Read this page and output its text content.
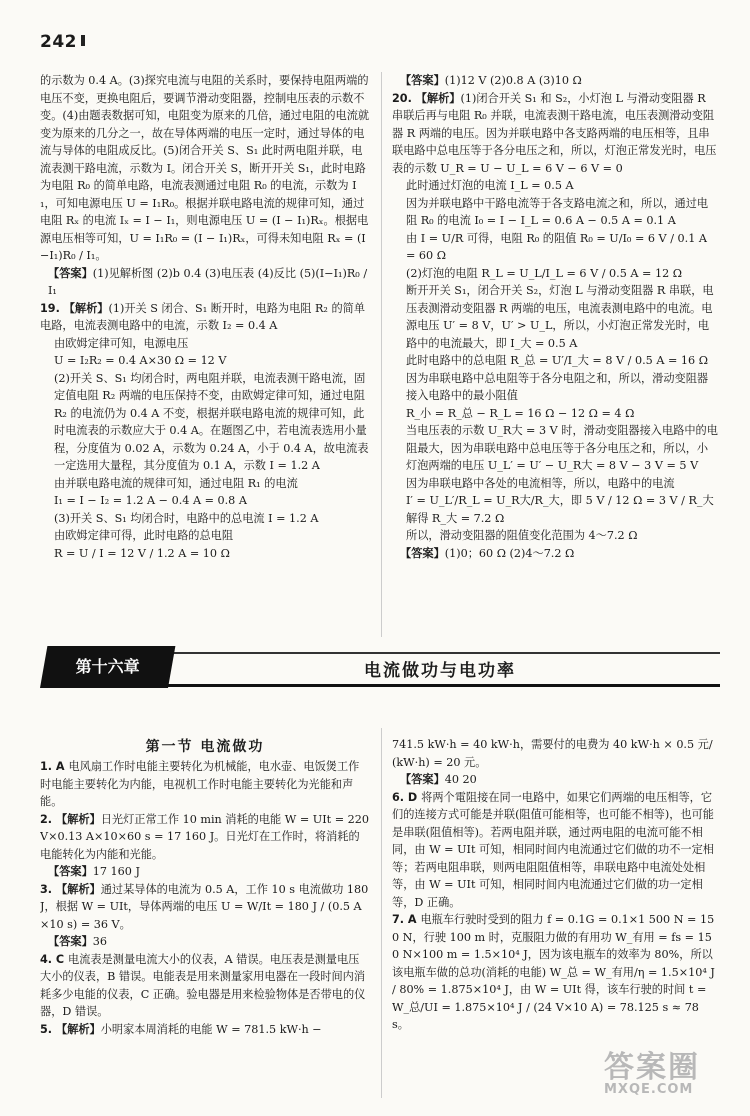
242

的示数为 0.4 A。(3)探究电流与电阻的关系时，要保持电阻两端的电压不变，更换电阻后，要调节滑动变阻器，控制电压表的示数不变。(4)由题表数据可知，电阻变为原来的几倍，通过电阻的电流就变为原来的几分之一，故在导体两端的电压一定时，通过导体的电流与导体的电阻成反比。(5)闭合开关 S、S₁ 此时两电阻并联，电流表测干路电流，示数为 I。闭合开关 S，断开开关 S₁，此时电路为电阻 R₀ 的简单电路，电流表测通过电阻 R₀ 的电流，示数为 I₁，可知电源电压 U = I₁R₀。根据并联电路电流的规律可知，通过电阻 Rₓ 的电流 Iₓ = I − I₁，则电源电压 U = (I − I₁)Rₓ。根据电源电压相等可知，U = I₁R₀ = (I − I₁)Rₓ，可得未知电阻 Rₓ = (I−I₁)R₀ / I₁。

【答案】(1)见解析图 (2)b 0.4 (3)电压表 (4)反比 (5)(I−I₁)R₀ / I₁

19. 【解析】(1)开关 S 闭合、S₁ 断开时，电路为电阻 R₂ 的简单电路，电流表测电路中的电流，示数 I₂ = 0.4 A

由欧姆定律可知，电源电压

U = I₂R₂ = 0.4 A×30 Ω = 12 V

(2)开关 S、S₁ 均闭合时，两电阻并联，电流表测干路电流，固定值电阻 R₂ 两端的电压保持不变，由欧姆定律可知，通过电阻 R₂ 的电流仍为 0.4 A 不变，根据并联电路电流的规律可知，此时电流表的示数应大于 0.4 A。在题图乙中，若电流表选用小量程，分度值为 0.02 A，示数为 0.24 A，小于 0.4 A，故电流表一定选用大量程，其分度值为 0.1 A，示数 I = 1.2 A

由并联电路电流的规律可知，通过电阻 R₁ 的电流

I₁ = I − I₂ = 1.2 A − 0.4 A = 0.8 A

(3)开关 S、S₁ 均闭合时，电路中的总电流 I = 1.2 A

由欧姆定律可得，此时电路的总电阻

R = U / I = 12 V / 1.2 A = 10 Ω

【答案】(1)12 V (2)0.8 A (3)10 Ω

20. 【解析】(1)闭合开关 S₁ 和 S₂，小灯泡 L 与滑动变阻器 R 串联后再与电阻 R₀ 并联，电流表测干路电流，电压表测滑动变阻器 R 两端的电压。因为并联电路中各支路两端的电压相等，且串联电路中总电压等于各分电压之和，所以，灯泡正常发光时，电压表的示数 U_R = U − U_L = 6 V − 6 V = 0

此时通过灯泡的电流 I_L = 0.5 A

因为并联电路中干路电流等于各支路电流之和，所以，通过电阻 R₀ 的电流 I₀ = I − I_L = 0.6 A − 0.5 A = 0.1 A

由 I = U/R 可得，电阻 R₀ 的阻值 R₀ = U/I₀ = 6 V / 0.1 A = 60 Ω

(2)灯泡的电阻 R_L = U_L/I_L = 6 V / 0.5 A = 12 Ω

断开开关 S₁，闭合开关 S₂，灯泡 L 与滑动变阻器 R 串联，电压表测滑动变阻器 R 两端的电压，电流表测电路中的电流。电源电压 U′ = 8 V，U′ > U_L，所以，小灯泡正常发光时，电路中的电流最大，即 I_大 = 0.5 A

此时电路中的总电阻 R_总 = U′/I_大 = 8 V / 0.5 A = 16 Ω

因为串联电路中总电阻等于各分电阻之和，所以，滑动变阻器接入电路中的最小阻值

R_小 = R_总 − R_L = 16 Ω − 12 Ω = 4 Ω

当电压表的示数 U_R大 = 3 V 时，滑动变阻器接入电路中的电阻最大，因为串联电路中总电压等于各分电压之和，所以，小灯泡两端的电压 U_L′ = U′ − U_R大 = 8 V − 3 V = 5 V

因为串联电路中各处的电流相等，所以，电路中的电流

I′ = U_L′/R_L = U_R大/R_大，即 5 V / 12 Ω = 3 V / R_大

解得 R_大 = 7.2 Ω

所以，滑动变阻器的阻值变化范围为 4～7.2 Ω

【答案】(1)0；60 Ω (2)4～7.2 Ω

第十六章	电流做功与电功率
第一节 电流做功

1. A 电风扇工作时电能主要转化为机械能，电水壶、电饭煲工作时电能主要转化为内能，电视机工作时电能主要转化为光能和声能。

2. 【解析】日光灯正常工作 10 min 消耗的电能 W = UIt = 220 V×0.13 A×10×60 s = 17 160 J。日光灯在工作时，将消耗的电能转化为内能和光能。

【答案】17 160 J

3. 【解析】通过某导体的电流为 0.5 A，工作 10 s 电流做功 180 J，根据 W = UIt，导体两端的电压 U = W/It = 180 J / (0.5 A×10 s) = 36 V。

【答案】36

4. C 电流表是测量电流大小的仪表，A 错误。电压表是测量电压大小的仪表，B 错误。电能表是用来测量家用电器在一段时间内消耗多少电能的仪表，C 正确。验电器是用来检验物体是否带电的仪器，D 错误。

5. 【解析】小明家本周消耗的电能 W = 781.5 kW·h −

741.5 kW·h = 40 kW·h，需要付的电费为 40 kW·h × 0.5 元/(kW·h) = 20 元。

【答案】40 20

6. D 将两个電阻接在同一电路中，如果它们两端的电压相等，它们的连接方式可能是并联(阻值可能相等，也可能不相等)，也可能是串联(阻值相等)。若两电阻并联，通过两电阻的电流可能不相同，由 W = UIt 可知，相同时间内电流通过它们做的功不一定相等；若两电阻串联，则两电阻阻值相等，串联电路中电流处处相等，由 W = UIt 可知，相同时间内电流通过它们做的功一定相等，D 正确。

7. A 电瓶车行驶时受到的阻力 f = 0.1G = 0.1×1 500 N = 150 N，行驶 100 m 时，克服阻力做的有用功 W_有用 = fs = 150 N×100 m = 1.5×10⁴ J，因为该电瓶车的效率为 80%，所以该电瓶车做的总功(消耗的电能) W_总 = W_有用/η = 1.5×10⁴ J / 80% = 1.875×10⁴ J，由 W = UIt 得，该车行驶的时间 t = W_总/UI = 1.875×10⁴ J / (24 V×10 A) = 78.125 s ≈ 78 s。

答案圈
MXQE.COM
